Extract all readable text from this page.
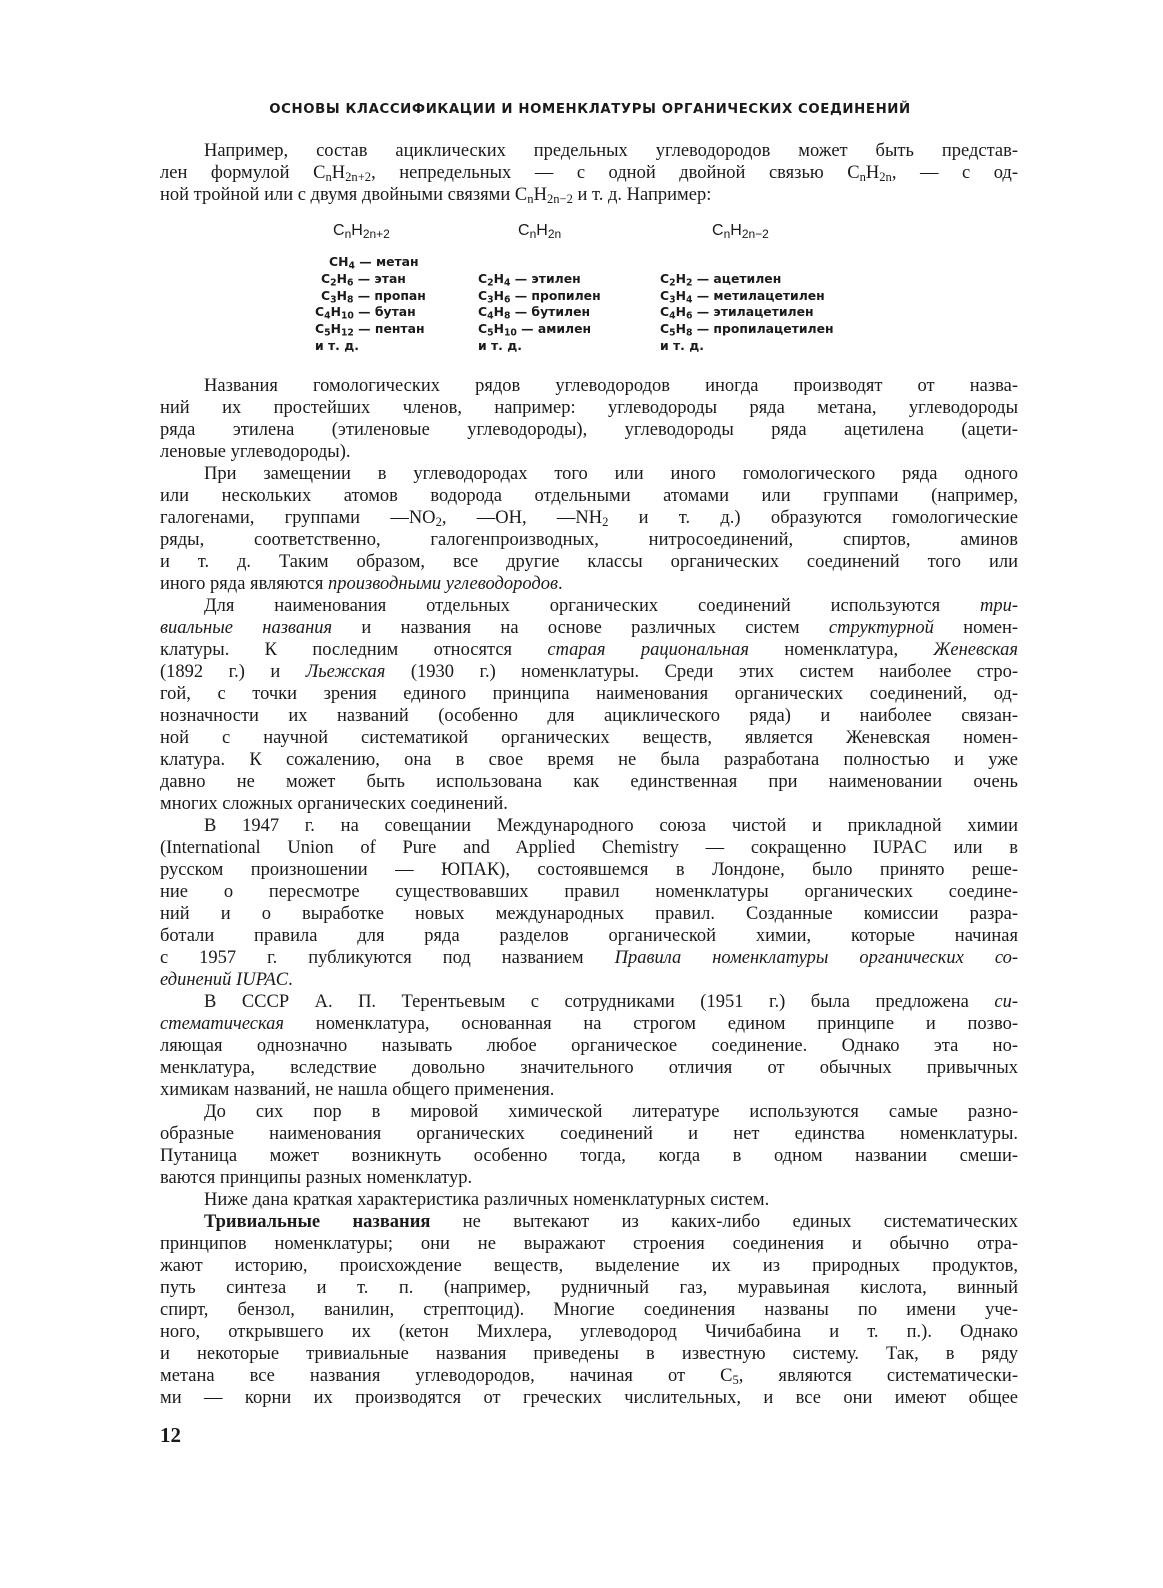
ОСНОВЫ КЛАССИФИКАЦИИ И НОМЕНКЛАТУРЫ ОРГАНИЧЕСКИХ СОЕДИНЕНИЙ
Например, состав ациклических предельных углеводородов может быть представ-
лен формулой $C_nH_{2n+2}$, непредельных — с одной двойной связью $C_nH_{2n}$, — с од-
ной тройной или с двумя двойными связями $C_nH_{2n-2}$ и т. д. Например:
$C_nH_{2n+2}$
$CH_4$ — метан
$C_2H_6$ — этан
$C_3H_8$ — пропан
$C_4H_{10}$ — бутан
$C_5H_{12}$ — пентан
и т. д.
$C_nH_{2n}$
$C_2H_4$ — этилен
$C_3H_6$ — пропилен
$C_4H_8$ — бутилен
$C_5H_{10}$ — амилен
и т. д.
$C_nH_{2n-2}$
$C_2H_2$ — ацетилен
$C_3H_4$ — метилацетилен
$C_4H_6$ — этилацетилен
$C_5H_8$ — пропилацетилен
и т. д.
Названия гомологических рядов углеводородов иногда производят от назва-
ний их простейших членов, например: углеводороды ряда метана, углеводороды
ряда этилена (этиленовые углеводороды), углеводороды ряда ацетилена (ацети-
леновые углеводороды).
При замещении в углеводородах того или иного гомологического ряда одного
или нескольких атомов водорода отдельными атомами или группами (например,
галогенами, группами $—NO_2$, —OH, $—NH_2$ и т. д.) образуются гомологические
ряды, соответственно, галогенпроизводных, нитросоединений, спиртов, аминов
и т. д. Таким образом, все другие классы органических соединений того или
иного ряда являются производными углеводородов.
Для наименования отдельных органических соединений используются три-
виальные названия и названия на основе различных систем структурной номен-
клатуры. К последним относятся старая рациональная номенклатура, Женевская
(1892 г.) и Льежская (1930 г.) номенклатуры. Среди этих систем наиболее стро-
гой, с точки зрения единого принципа наименования органических соединений, од-
нозначности их названий (особенно для ациклического ряда) и наиболее связан-
ной с научной систематикой органических веществ, является Женевская номен-
клатура. К сожалению, она в свое время не была разработана полностью и уже
давно не может быть использована как единственная при наименовании очень
многих сложных органических соединений.
В 1947 г. на совещании Международного союза чистой и прикладной химии
(International Union of Pure and Applied Chemistry — сокращенно IUPAC или в
русском произношении — ЮПАК), состоявшемся в Лондоне, было принято реше-
ние о пересмотре существовавших правил номенклатуры органических соедине-
ний и о выработке новых международных правил. Созданные комиссии разра-
ботали правила для ряда разделов органической химии, которые начиная
с 1957 г. публикуются под названием Правила номенклатуры органических со-
единений IUPAC.
В СССР А. П. Терентьевым с сотрудниками (1951 г.) была предложена си-
стематическая номенклатура, основанная на строгом едином принципе и позво-
ляющая однозначно называть любое органическое соединение. Однако эта но-
менклатура, вследствие довольно значительного отличия от обычных привычных
химикам названий, не нашла общего применения.
До сих пор в мировой химической литературе используются самые разно-
образные наименования органических соединений и нет единства номенклатуры.
Путаница может возникнуть особенно тогда, когда в одном названии смеши-
ваются принципы разных номенклатур.
Ниже дана краткая характеристика различных номенклатурных систем.
Тривиальные названия не вытекают из каких-либо единых систематических
принципов номенклатуры; они не выражают строения соединения и обычно отра-
жают историю, происхождение веществ, выделение их из природных продуктов,
путь синтеза и т. п. (например, рудничный газ, муравьиная кислота, винный
спирт, бензол, ванилин, стрептоцид). Многие соединения названы по имени уче-
ного, открывшего их (кетон Михлера, углеводород Чичибабина и т. п.). Однако
и некоторые тривиальные названия приведены в известную систему. Так, в ряду
метана все названия углеводородов, начиная от $C_5$, являются систематически-
ми — корни их производятся от греческих числительных, и все они имеют общее
12
